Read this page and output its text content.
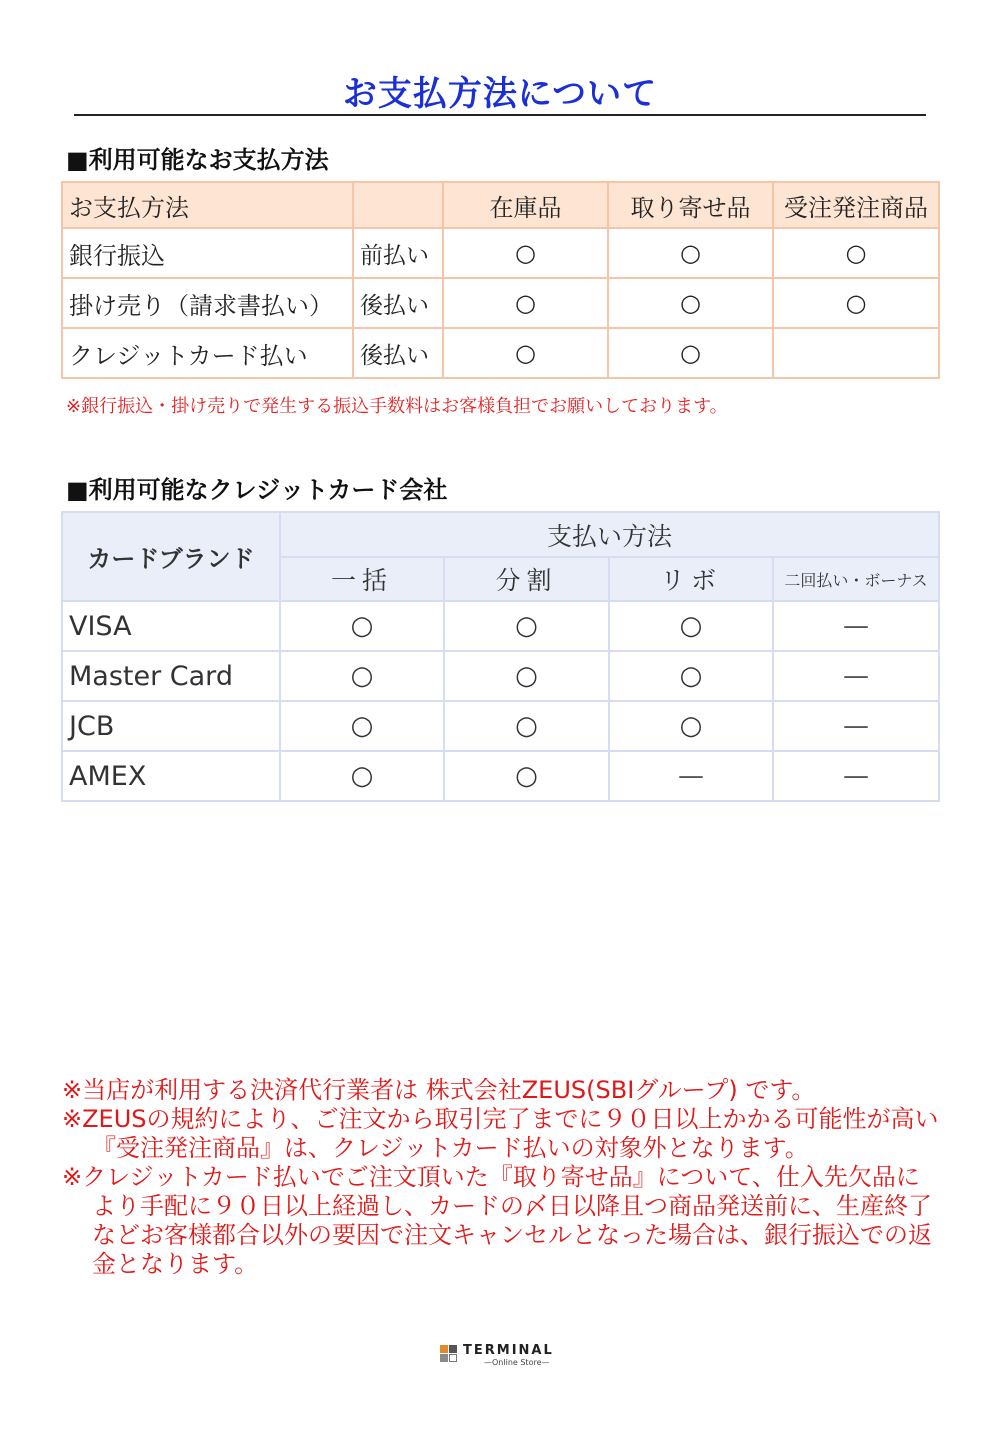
お支払方法について
■利用可能なお支払方法
お支払方法		在庫品	取り寄せ品	受注発注商品
銀行振込	前払い	○	○	○
掛け売り（請求書払い）	後払い	○	○	○
クレジットカード払い	後払い	○	○	
※銀行振込・掛け売りで発生する振込手数料はお客様負担でお願いしております。
■利用可能なクレジットカード会社
カードブランド	支払い方法			
	一括	分割	リボ	二回払い・ボーナス
VISA	○	○	○	—
Master Card	○	○	○	—
JCB	○	○	○	—
AMEX	○	○	—	—

※当店が利用する決済代行業者は 株式会社ZEUS(SBIグループ) です。

※ZEUSの規約により、ご注文から取引完了までに９０日以上かかる可能性が高い『受注発注商品』は、クレジットカード払いの対象外となります。

※クレジットカード払いでご注文頂いた『取り寄せ品』について、仕入先欠品により手配に９０日以上経過し、カードの〆日以降且つ商品発送前に、生産終了などお客様都合以外の要因で注文キャンセルとなった場合は、銀行振込での返金となります。

TERMINAL
—Online Store—
